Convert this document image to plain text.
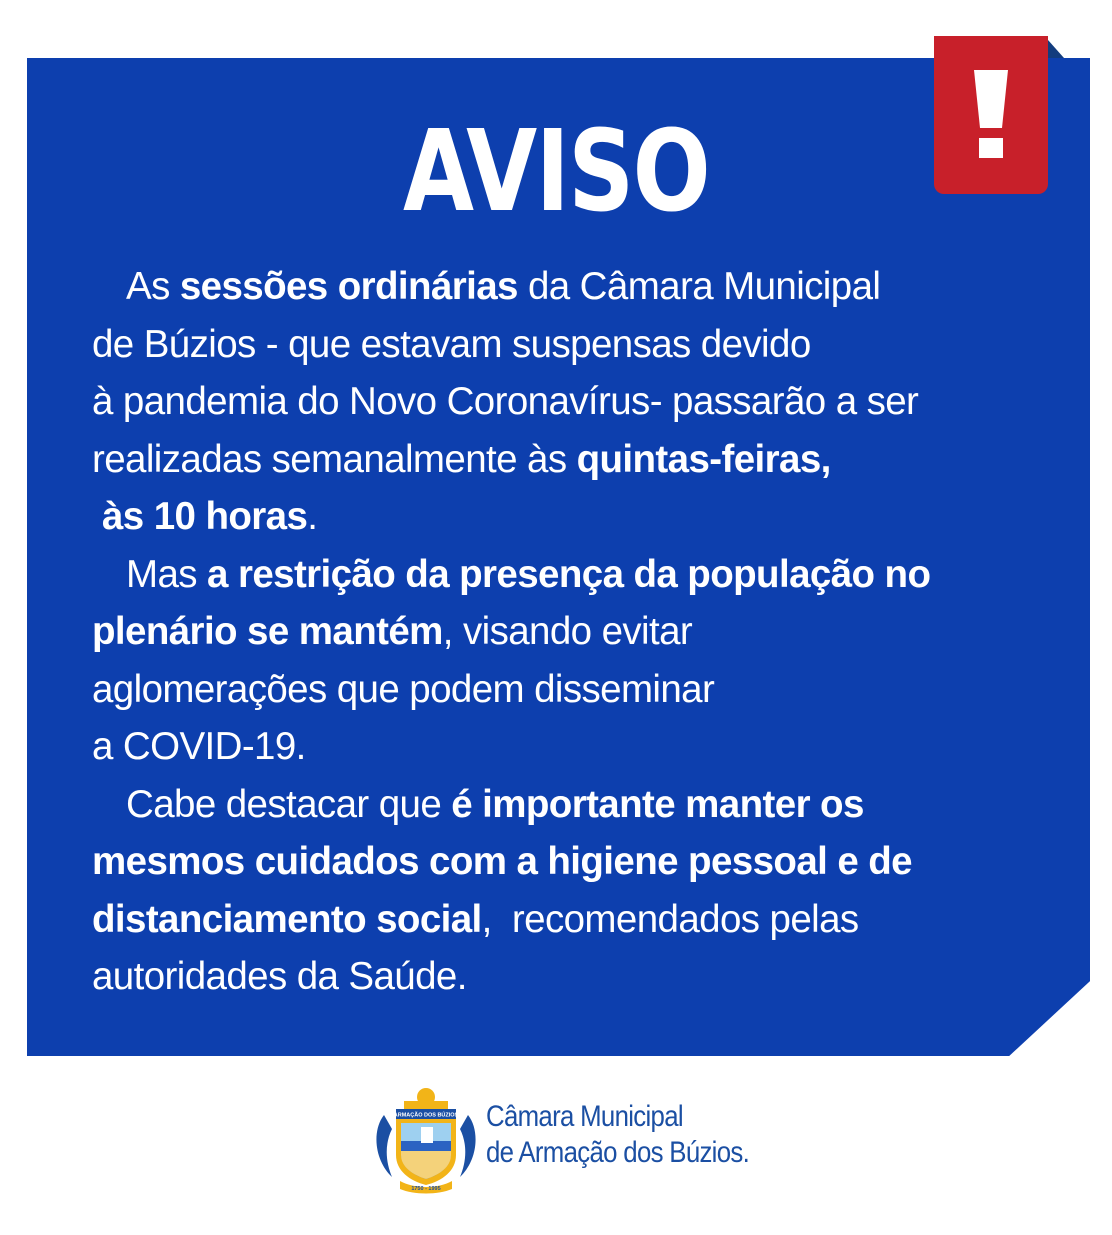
AVISO
As sessões ordinárias da Câmara Municipal
de Búzios - que estavam suspensas devido
à pandemia do Novo Coronavírus- passarão a ser
realizadas semanalmente às quintas-feiras,
às 10 horas.
Mas a restrição da presença da população no
plenário se mantém, visando evitar
aglomerações que podem disseminar
a COVID-19.
Cabe destacar que é importante manter os
mesmos cuidados com a higiene pessoal e de
distanciamento social,  recomendados pelas
autoridades da Saúde.
ARMAÇÃO DOS BÚZIOS
1750 - 1995
Câmara Municipal
de Armação dos Búzios.
